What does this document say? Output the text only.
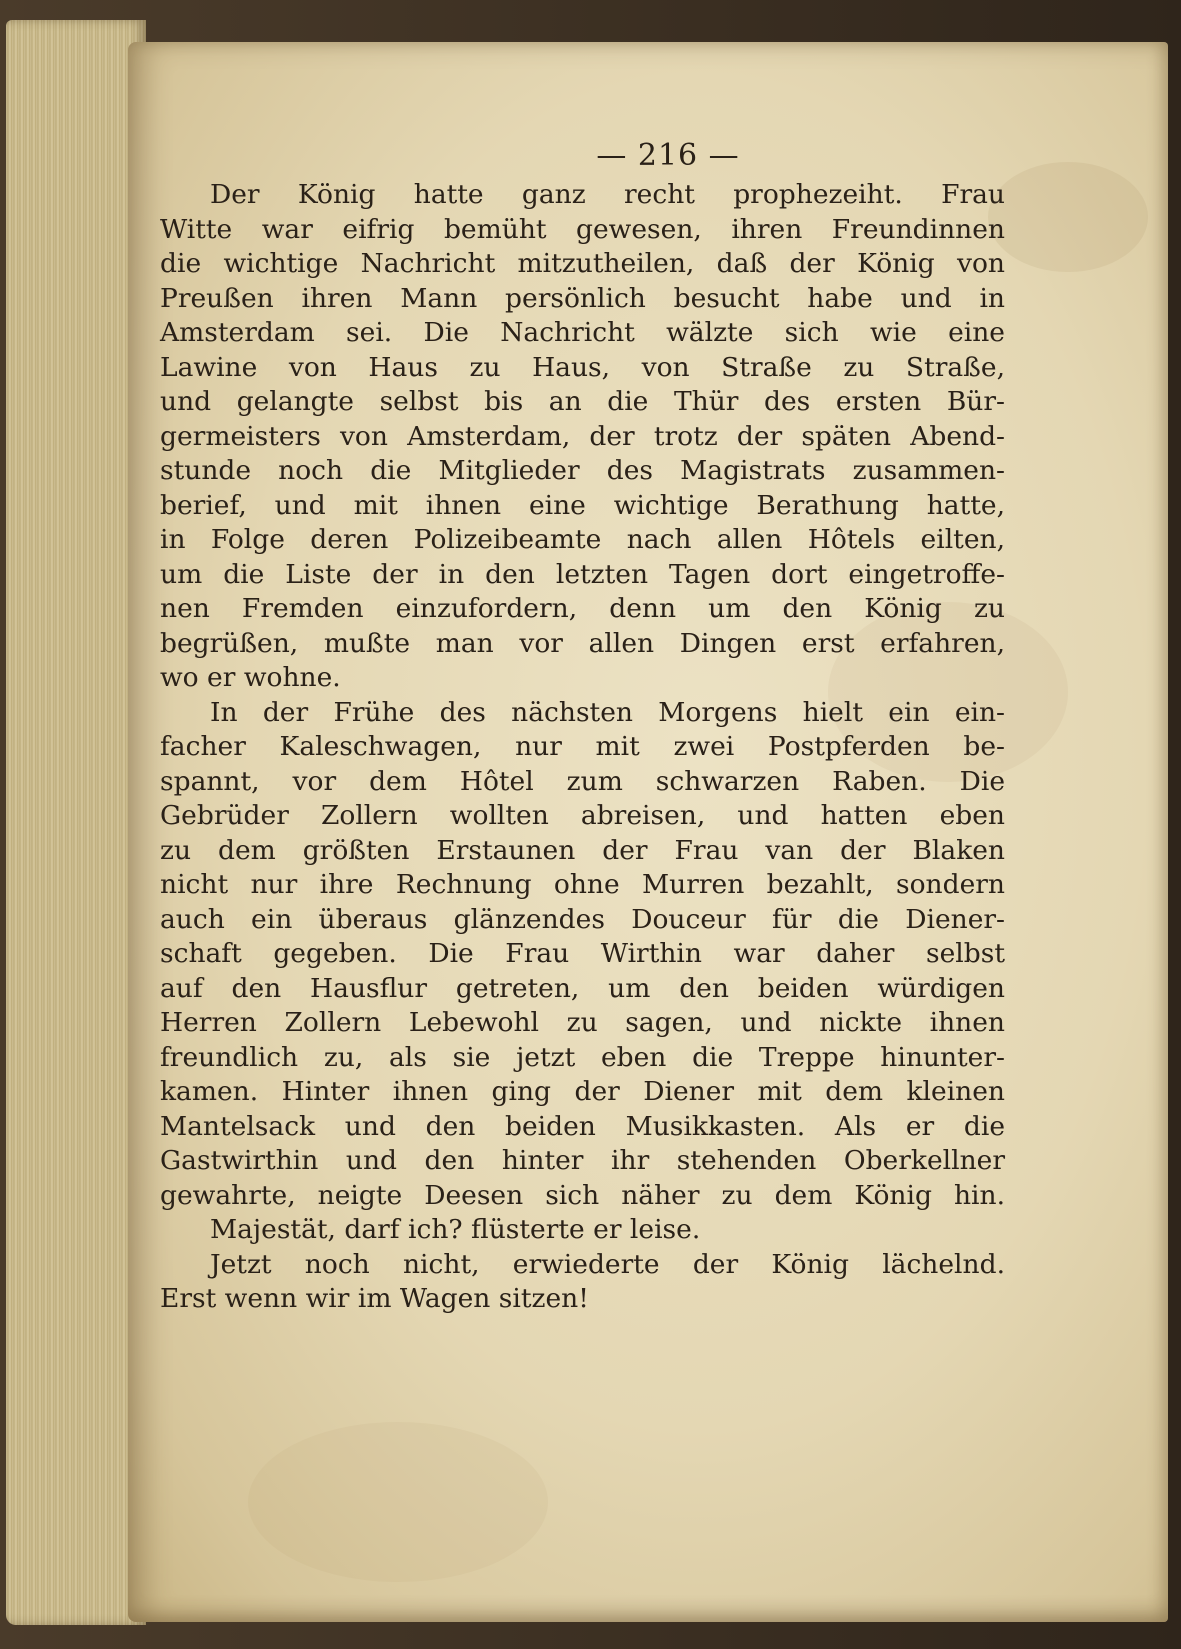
— 216 —
Der König hatte ganz recht prophezeiht. Frau
Witte war eifrig bemüht gewesen, ihren Freundinnen
die wichtige Nachricht mitzutheilen, daß der König von
Preußen ihren Mann persönlich besucht habe und in
Amsterdam sei. Die Nachricht wälzte sich wie eine
Lawine von Haus zu Haus, von Straße zu Straße,
und gelangte selbst bis an die Thür des ersten Bür-
germeisters von Amsterdam, der trotz der späten Abend-
stunde noch die Mitglieder des Magistrats zusammen-
berief, und mit ihnen eine wichtige Berathung hatte,
in Folge deren Polizeibeamte nach allen Hôtels eilten,
um die Liste der in den letzten Tagen dort eingetroffe-
nen Fremden einzufordern, denn um den König zu
begrüßen, mußte man vor allen Dingen erst erfahren,
wo er wohne.
In der Frühe des nächsten Morgens hielt ein ein-
facher Kaleschwagen, nur mit zwei Postpferden be-
spannt, vor dem Hôtel zum schwarzen Raben. Die
Gebrüder Zollern wollten abreisen, und hatten eben
zu dem größten Erstaunen der Frau van der Blaken
nicht nur ihre Rechnung ohne Murren bezahlt, sondern
auch ein überaus glänzendes Douceur für die Diener-
schaft gegeben. Die Frau Wirthin war daher selbst
auf den Hausflur getreten, um den beiden würdigen
Herren Zollern Lebewohl zu sagen, und nickte ihnen
freundlich zu, als sie jetzt eben die Treppe hinunter-
kamen. Hinter ihnen ging der Diener mit dem kleinen
Mantelsack und den beiden Musikkasten. Als er die
Gastwirthin und den hinter ihr stehenden Oberkellner
gewahrte, neigte Deesen sich näher zu dem König hin.
Majestät, darf ich? flüsterte er leise.
Jetzt noch nicht, erwiederte der König lächelnd.
Erst wenn wir im Wagen sitzen!
